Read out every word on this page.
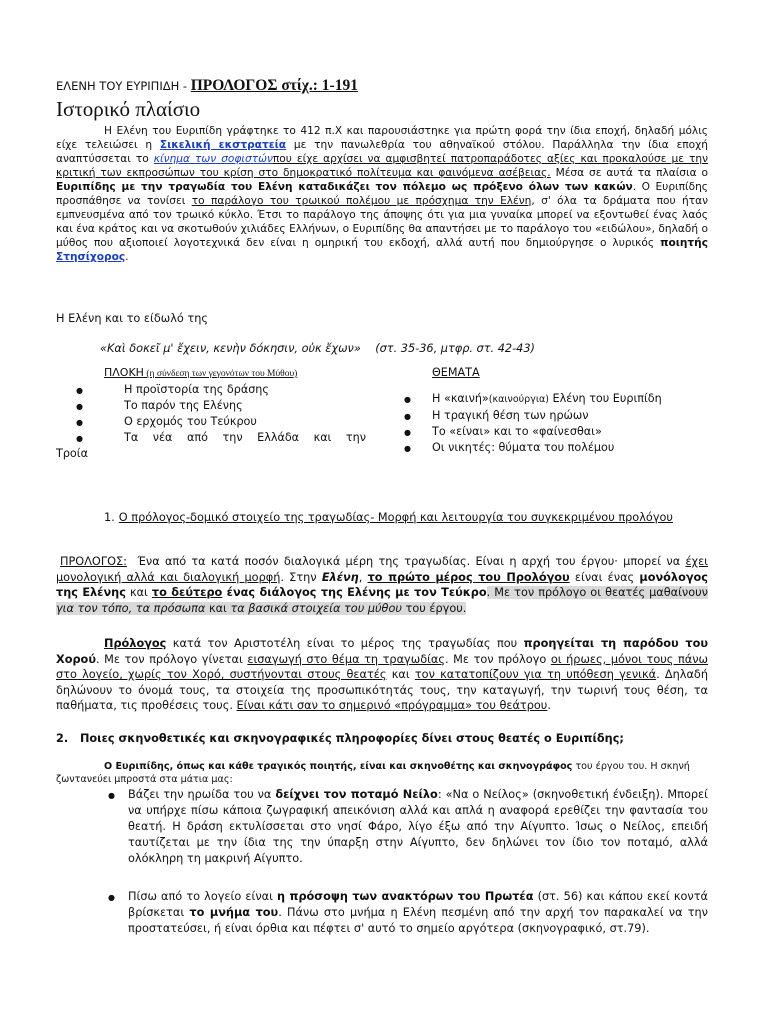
ΕΛΕΝΗ ΤΟΥ ΕΥΡΙΠΙΔΗ - ΠΡΟΛΟΓΟΣ στίχ.: 1-191
Ιστορικό πλαίσιο
Η Ελένη του Ευριπίδη γράφτηκε το 412 π.Χ και παρουσιάστηκε για πρώτη φορά την ίδια εποχή, δηλαδή μόλις είχε τελειώσει η Σικελική εκστρατεία με την πανωλεθρία του αθηναϊκού στόλου. Παράλληλα την ίδια εποχή αναπτύσσεται το κίνημα των σοφιστώνπου είχε αρχίσει να αμφισβητεί πατροπαράδοτες αξίες και προκαλούσε με την κριτική των εκπροσώπων του κρίση στο δημοκρατικό πολίτευμα και φαινόμενα ασέβειας. Μέσα σε αυτά τα πλαίσια ο Ευριπίδης με την τραγωδία του Ελένη καταδικάζει τον πόλεμο ως πρόξενο όλων των κακών. Ο Ευριπίδης προσπάθησε να τονίσει το παράλογο του τρωικού πολέμου με πρόσχημα την Ελένη, σ' όλα τα δράματα που ήταν εμπνευσμένα από τον τρωικό κύκλο. Έτσι το παράλογο της άποψης ότι για μια γυναίκα μπορεί να εξοντωθεί ένας λαός και ένα κράτος και να σκοτωθούν χιλιάδες Ελλήνων, ο Ευριπίδης θα απαντήσει με το παράλογο του «ειδώλου», δηλαδή ο μύθος που αξιοποιεί λογοτεχνικά δεν είναι η ομηρική του εκδοχή, αλλά αυτή που δημιούργησε ο λυρικός ποιητής Στησίχορος.
Η Ελένη και το είδωλό της
«Καὶ δοκεῖ μ' ἔχειν, κενὴν δόκησιν, οὐκ ἔχων» (στ. 35-36, μτφρ. στ. 42-43)
ΠΛΟΚΗ (η σύνδεση των γεγονότων του Μύθου)
● Η προϊστορία της δράσης
● Το παρόν της Ελένης
● Ο ερχομός του Τεύκρου
● Τα νέα από την Ελλάδα και την
Τροία
ΘΕΜΑΤΑ
● Η «καινή»(καινούργια) Ελένη του Ευριπίδη
● Η τραγική θέση των ηρώων
● Το «είναι» και το «φαίνεσθαι»
● Οι νικητές: θύματα του πολέμου
1. Ο πρόλογος-δομικό στοιχείο της τραγωδίας- Μορφή και λειτουργία του συγκεκριμένου προλόγου
ΠΡΟΛΟΓΟΣ: Ένα από τα κατά ποσόν διαλογικά μέρη της τραγωδίας. Είναι η αρχή του έργου· μπορεί να έχει μονολογική αλλά και διαλογική μορφή. Στην Ελένη, το πρώτο μέρος του Προλόγου είναι ένας μονόλογος της Ελένης και το δεύτερο ένας διάλογος της Ελένης με τον Τεύκρο. Με τον πρόλογο οι θεατές μαθαίνουν για τον τόπο, τα πρόσωπα και τα βασικά στοιχεία του μύθου του έργου.
Πρόλογος κατά τον Αριστοτέλη είναι το μέρος της τραγωδίας που προηγείται τη παρόδου του Χορού. Με τον πρόλογο γίνεται εισαγωγή στο θέμα τη τραγωδίας. Με τον πρόλογο οι ήρωες, μόνοι τους πάνω στο λογείο, χωρίς τον Χορό, συστήνονται στους θεατές και τον κατατοπίζουν για τη υπόθεση γενικά. Δηλαδή δηλώνουν το όνομά τους, τα στοιχεία της προσωπικότητάς τους, την καταγωγή, την τωρινή τους θέση, τα παθήματα, τις προθέσεις τους. Είναι κάτι σαν το σημερινό «πρόγραμμα» του θεάτρου.
2. Ποιες σκηνοθετικές και σκηνογραφικές πληροφορίες δίνει στους θεατές ο Ευριπίδης;
Ο Ευριπίδης, όπως και κάθε τραγικός ποιητής, είναι και σκηνοθέτης και σκηνογράφος του έργου του. Η σκηνή ζωντανεύει μπροστά στα μάτια μας:
● Βάζει την ηρωίδα του να δείχνει τον ποταμό Νείλο: «Να ο Νείλος» (σκηνοθετική ένδειξη). Μπορεί να υπήρχε πίσω κάποια ζωγραφική απεικόνιση αλλά και απλά η αναφορά ερεθίζει την φαντασία του θεατή. Η δράση εκτυλίσσεται στο νησί Φάρο, λίγο έξω από την Αίγυπτο. Ίσως ο Νείλος, επειδή ταυτίζεται με την ίδια της την ύπαρξη στην Αίγυπτο, δεν δηλώνει τον ίδιο τον ποταμό, αλλά ολόκληρη τη μακρινή Αίγυπτο.
● Πίσω από το λογείο είναι η πρόσοψη των ανακτόρων του Πρωτέα (στ. 56) και κάπου εκεί κοντά βρίσκεται το μνήμα του. Πάνω στο μνήμα η Ελένη πεσμένη από την αρχή τον παρακαλεί να την προστατεύσει, ή είναι όρθια και πέφτει σ' αυτό το σημείο αργότερα (σκηνογραφικό, στ.79).
